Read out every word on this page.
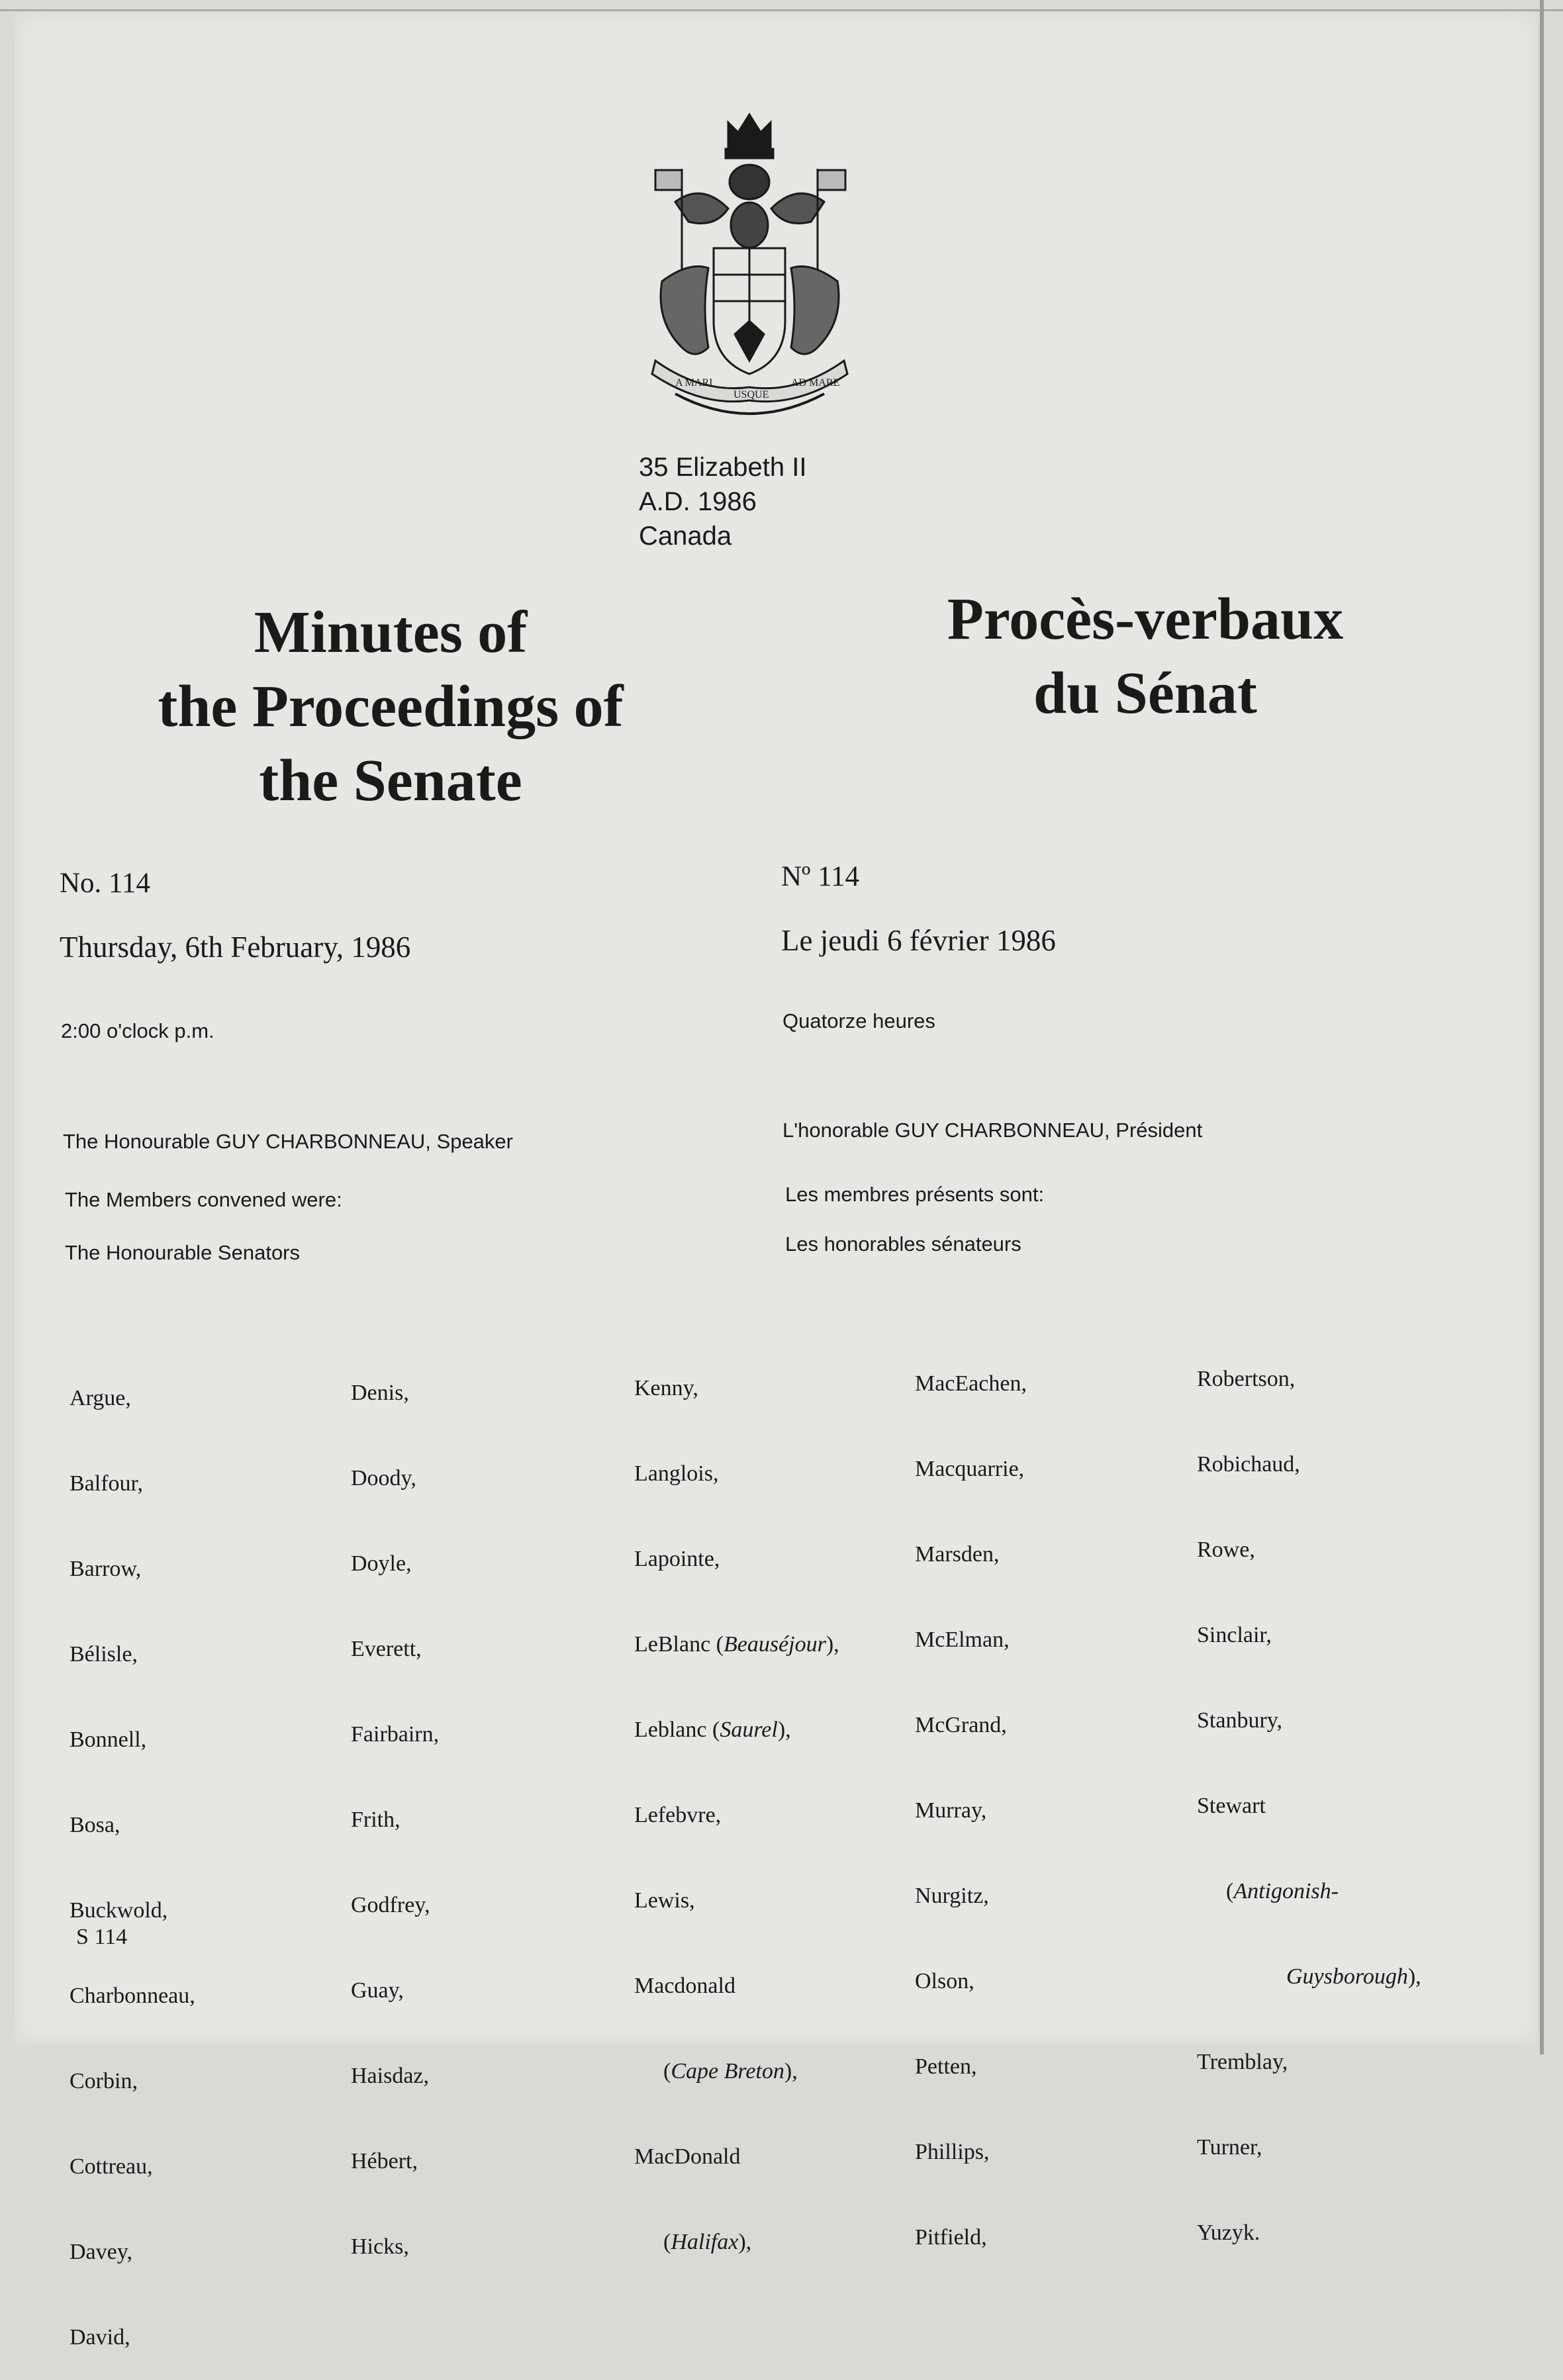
A MARI
USQUE
AD MARE
35 Elizabeth II
A.D. 1986
Canada
Minutes of
the Proceedings of
the Senate
Procès-verbaux
du Sénat
No. 114	Nº 114
Thursday, 6th February, 1986	Le jeudi 6 février 1986
2:00 o'clock p.m.	Quatorze heures
The Honourable GUY CHARBONNEAU, Speaker	L'honorable GUY CHARBONNEAU, Président
The Members convened were:	Les membres présents sont:
The Honourable Senators	Les honorables sénateurs

Argue,

Balfour,

Barrow,

Bélisle,

Bonnell,

Bosa,

Buckwold,

Charbonneau,

Corbin,

Cottreau,

Davey,

David,

Denis,

Doody,

Doyle,

Everett,

Fairbairn,

Frith,

Godfrey,

Guay,

Haisdaz,

Hébert,

Hicks,

Kenny,

Langlois,

Lapointe,

LeBlanc (Beauséjour),

Leblanc (Saurel),

Lefebvre,

Lewis,

Macdonald

(Cape Breton),

MacDonald

(Halifax),

MacEachen,

Macquarrie,

Marsden,

McElman,

McGrand,

Murray,

Nurgitz,

Olson,

Petten,

Phillips,

Pitfield,

Robertson,

Robichaud,

Rowe,

Sinclair,

Stanbury,

Stewart

(Antigonish-

Guysborough),

Tremblay,

Turner,

Yuzyk.

S 114
